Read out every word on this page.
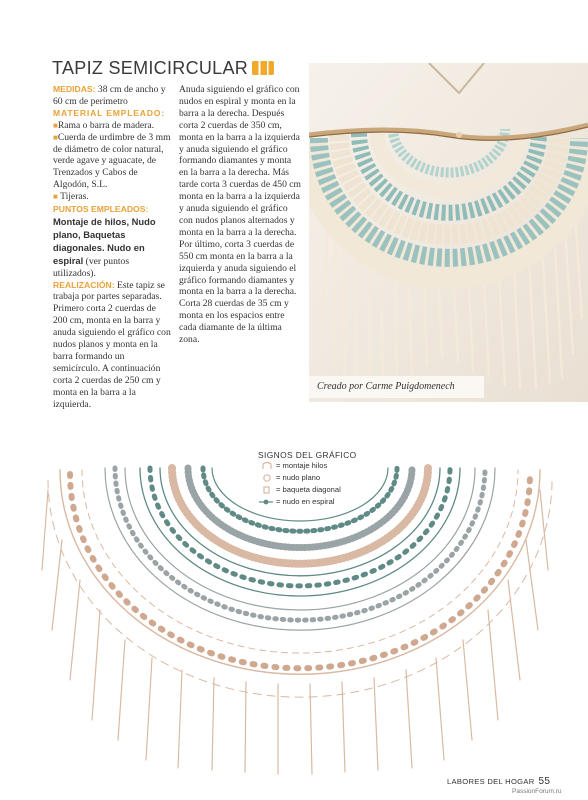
TAPIZ SEMICIRCULAR

MEDIDAS: 38 cm de ancho y 60 cm de perímetro

MATERIAL EMPLEADO:

■Rama o barra de madera. ■Cuerda de urdimbre de 3 mm de diámetro de color natural, verde agave y aguacate, de Trenzados y Cabos de Algodón, S.L.

■ Tijeras.

PUNTOS EMPLEADOS: Montaje de hilos, Nudo plano, Baquetas diagonales. Nudo en espiral (ver puntos utilizados).

REALIZACIÓN: Este tapiz se trabaja por partes separadas. Primero corta 2 cuerdas de 200 cm, monta en la barra y anuda siguiendo el gráfico con nudos planos y monta en la barra formando un semicírculo. A continuación corta 2 cuerdas de 250 cm y monta en la barra a la izquierda.

Anuda siguiendo el gráfico con nudos en espiral y monta en la barra a la derecha. Después corta 2 cuerdas de 350 cm, monta en la barra a la izquierda y anuda siguiendo el gráfico formando diamantes y monta en la barra a la derecha. Más tarde corta 3 cuerdas de 450 cm monta en la barra a la izquierda y anuda siguiendo el gráfico con nudos planos alternados y monta en la barra a la derecha. Por último, corta 3 cuerdas de 550 cm monta en la barra a la izquierda y anuda siguiendo el gráfico formando diamantes y monta en la barra a la derecha. Corta 28 cuerdas de 35 cm y monta en los espacios entre cada diamante de la última zona.

Creado por Carme Puigdomenech
SIGNOS DEL GRÁFICO
= montaje hilos
= nudo plano
= baqueta diagonal
= nudo en espiral
LABORES DEL HOGAR 55
PassionForum.ru
